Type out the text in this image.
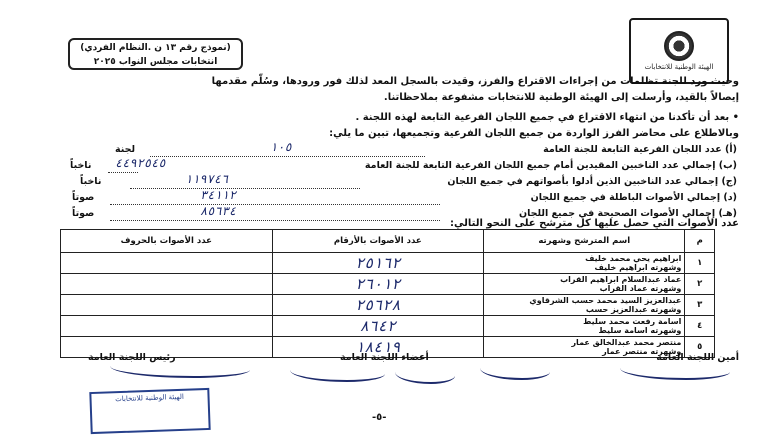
الهيئة الوطنية للانتخابات
(نموذج رقم ١٣ ن .النظام الفردي)
انتخابات مجلس النواب ٢٠٢٥
وحيث ورد للجنة تظلمات من إجراءات الاقتراع والفرز، وقيدت بالسجل المعد لذلك فور ورودها، وسُلّم مقدمها
إيصالاً بالقيد، وأرسلت إلى الهيئة الوطنية للانتخابات مشفوعة بملاحظاتنا.
• بعد أن تأكدنا من انتهاء الاقتراع في جميع اللجان الفرعية التابعة لهذه اللجنة .
وبالاطلاع على محاضر الفرز الواردة من جميع اللجان الفرعية وتجميعها، تبين ما يلي:
(أ) عدد اللجان الفرعية التابعة للجنة العامة
١٠٥
لجنة
(ب) إجمالي عدد الناخبين المقيدين أمام جميع اللجان الفرعية التابعة للجنة العامة
٤٤٩٢٥٤٥
ناخباً
(ج) إجمالي عدد الناخبين الذين أدلوا بأصواتهم في جميع اللجان
١١٩٧٤٦
ناخباً
(د) إجمالي الأصوات الباطلة في جميع اللجان
٣٤١١٢
صوتاً
(هـ) إجمالي الأصوات الصحيحة في جميع اللجان
٨٥٦٣٤
صوتاً
عدد الأصوات التي حصل عليها كل مترشح على النحو التالي:
م	اسم المترشح وشهرته	عدد الأصوات بالأرقام	عدد الأصوات بالحروف
١	ابراهيم يحي محمد خليف
وشهرته ابراهيم خليف	٢٥١٦٢	
٢	عماد عبدالسلام ابراهيم القراب
وشهرته عماد القراب	٢٦٠١٢	
٣	عبدالعزيز السيد محمد حسب الشرقاوي
وشهرته عبدالعزيز حسب	٢٥٦٢٨	
٤	اسامة رفعت محمد سليط
وشهرته اسامة سليط	٨٦٤٢	
٥	منتصر محمد عبدالخالق عمار
وشهرته منتصر عمار	١٨٤١٩	
أمين اللجنة العامة
أعضاء اللجنة العامة
رئيس اللجنة العامة
الهيئة الوطنية للانتخابات
-٥-
